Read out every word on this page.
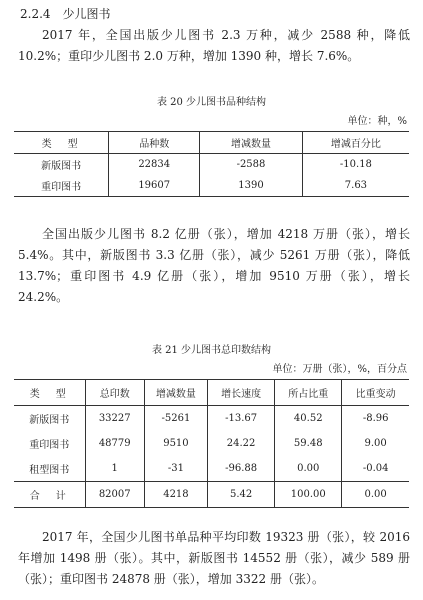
2.2.4 少儿图书

2017 年，全国出版少儿图书 2.3 万种，减少 2588 种，降低 10.2%；重印少儿图书 2.0 万种，增加 1390 种，增长 7.6%。

表 20 少儿图书品种结构
单位：种，%
类　型	品种数	增减数量	增减百分比
新版图书	22834	-2588	-10.18
重印图书	19607	1390	7.63

全国出版少儿图书 8.2 亿册（张），增加 4218 万册（张），增长 5.4%。其中，新版图书 3.3 亿册（张），减少 5261 万册（张），降低 13.7%；重印图书 4.9 亿册（张），增加 9510 万册（张），增长 24.2%。

表 21 少儿图书总印数结构
单位：万册（张），%，百分点
类　型	总印数	增减数量	增长速度	所占比重	比重变动
新版图书	33227	-5261	-13.67	40.52	-8.96
重印图书	48779	9510	24.22	59.48	9.00
租型图书	1	-31	-96.88	0.00	-0.04
合　计	82007	4218	5.42	100.00	0.00

2017 年，全国少儿图书单品种平均印数 19323 册（张），较 2016 年增加 1498 册（张）。其中，新版图书 14552 册（张），减少 589 册（张）；重印图书 24878 册（张），增加 3322 册（张）。
